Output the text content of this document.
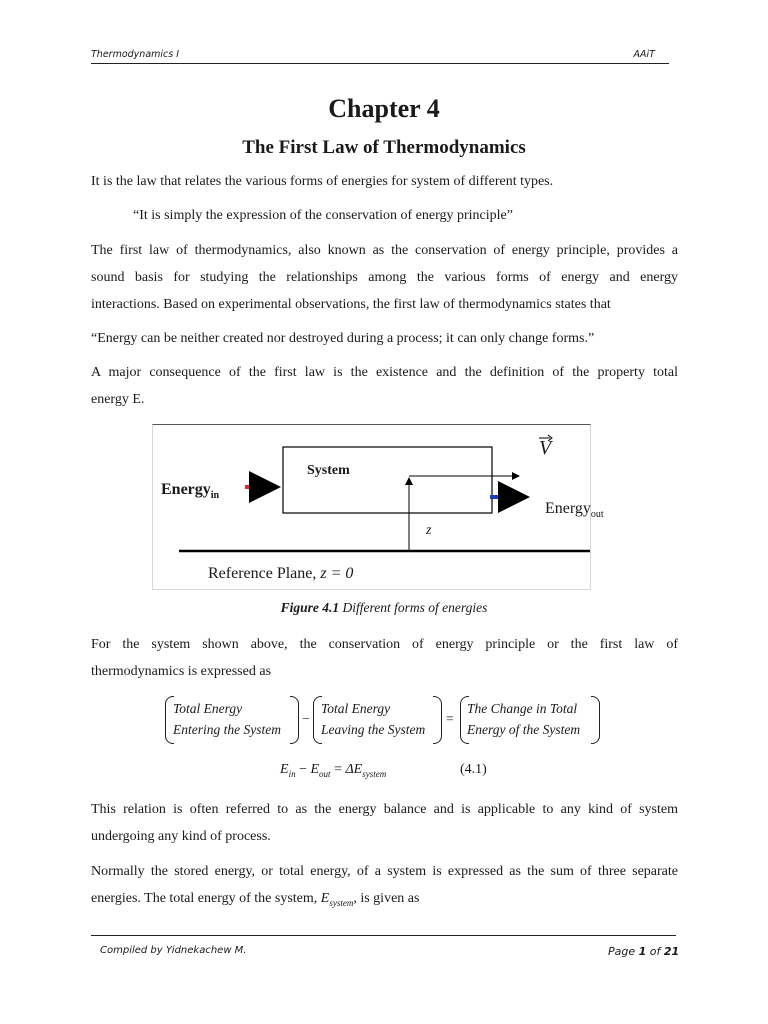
Thermodynamics I	AAiT
Chapter 4
The First Law of Thermodynamics
It is the law that relates the various forms of energies for system of different types.
“It is simply the expression of the conservation of energy principle”
The first law of thermodynamics, also known as the conservation of energy principle, provides a
sound basis for studying the relationships among the various forms of energy and energy
interactions. Based on experimental observations, the first law of thermodynamics states that
“Energy can be neither created nor destroyed during a process; it can only change forms.”
A major consequence of the first law is the existence and the definition of the property total
energy E.
System
Energy$_{in}$
V
Energy$_{out}$
z
Reference Plane, z = 0
Figure 4.1 Different forms of energies
For the system shown above, the conservation of energy principle or the first law of
thermodynamics is expressed as
Total Energy
Entering the System
−
Total Energy
Leaving the System
=
The Change in Total
Energy of the System
$E_{in} - E_{out} = \Delta E_{system}$	(4.1)
This relation is often referred to as the energy balance and is applicable to any kind of system
undergoing any kind of process.
Normally the stored energy, or total energy, of a system is expressed as the sum of three separate
energies. The total energy of the system, $E_{system}$, is given as
Compiled by Yidnekachew M.	Page 1 of 21
